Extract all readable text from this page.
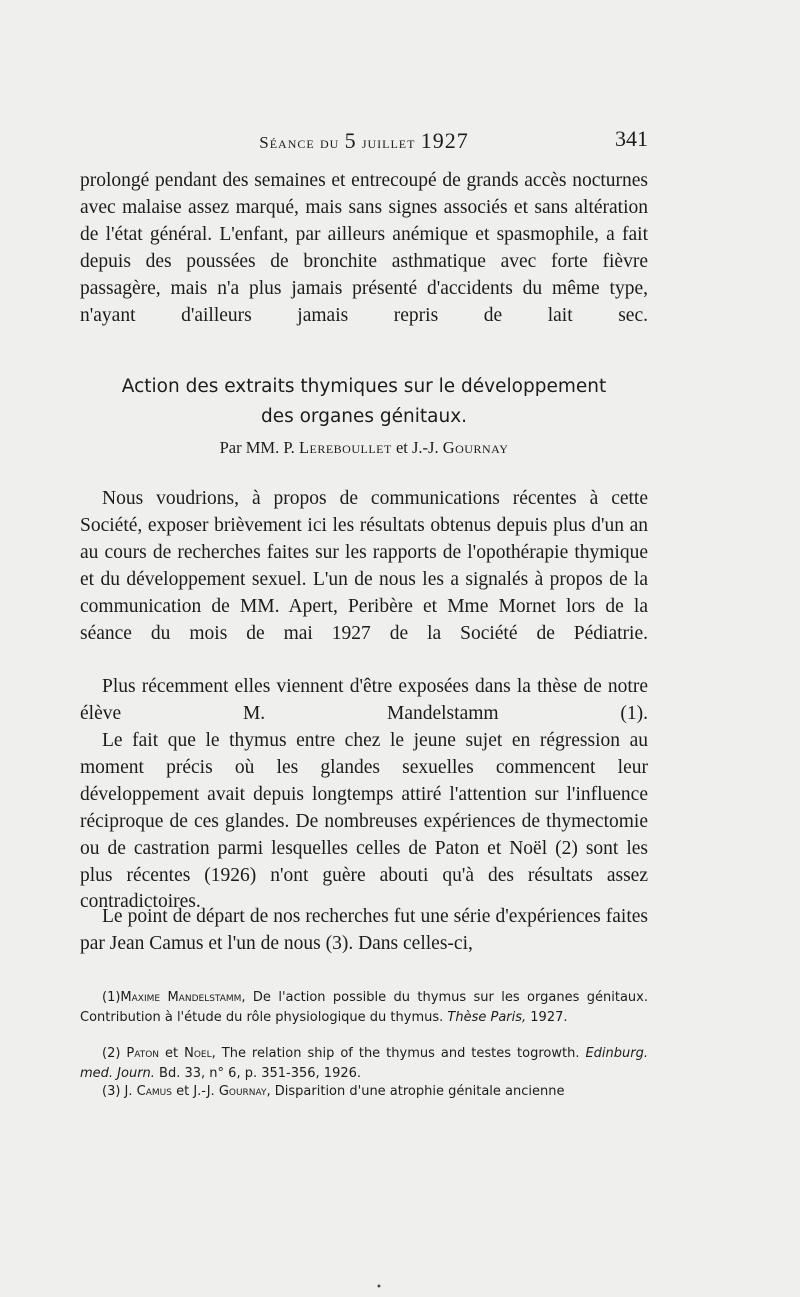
Séance du 5 juillet 1927	341

prolongé pendant des semaines et entrecoupé de grands accès nocturnes avec malaise assez marqué, mais sans signes associés et sans altération de l'état général. L'enfant, par ailleurs anémique et spasmophile, a fait depuis des poussées de bronchite asthmatique avec forte fièvre passagère, mais n'a plus jamais présenté d'accidents du même type, n'ayant d'ailleurs jamais repris de lait sec.

Action des extraits thymiques sur le développement

des organes génitaux.

Par MM. P. Lereboullet et J.-J. Gournay

Nous voudrions, à propos de communications récentes à cette Société, exposer brièvement ici les résultats obtenus depuis plus d'un an au cours de recherches faites sur les rapports de l'opothérapie thymique et du développement sexuel. L'un de nous les a signalés à propos de la communication de MM. Apert, Peribère et Mme Mornet lors de la séance du mois de mai 1927 de la Société de Pédiatrie.

Plus récemment elles viennent d'être exposées dans la thèse de notre élève M. Mandelstamm (1).

Le fait que le thymus entre chez le jeune sujet en régression au moment précis où les glandes sexuelles commencent leur développement avait depuis longtemps attiré l'attention sur l'influence réciproque de ces glandes. De nombreuses expériences de thymectomie ou de castration parmi lesquelles celles de Paton et Noël (2) sont les plus récentes (1926) n'ont guère abouti qu'à des résultats assez contradictoires.

Le point de départ de nos recherches fut une série d'expériences faites par Jean Camus et l'un de nous (3). Dans celles-ci,

(1)Maxime Mandelstamm, De l'action possible du thymus sur les organes génitaux. Contribution à l'étude du rôle physiologique du thymus. Thèse Paris, 1927.

(2) Paton et Noel, The relation ship of the thymus and testes togrowth. Edinburg. med. Journ. Bd. 33, n° 6, p. 351-356, 1926.

(3) J. Camus et J.-J. Gournay, Disparition d'une atrophie génitale ancienne

•
